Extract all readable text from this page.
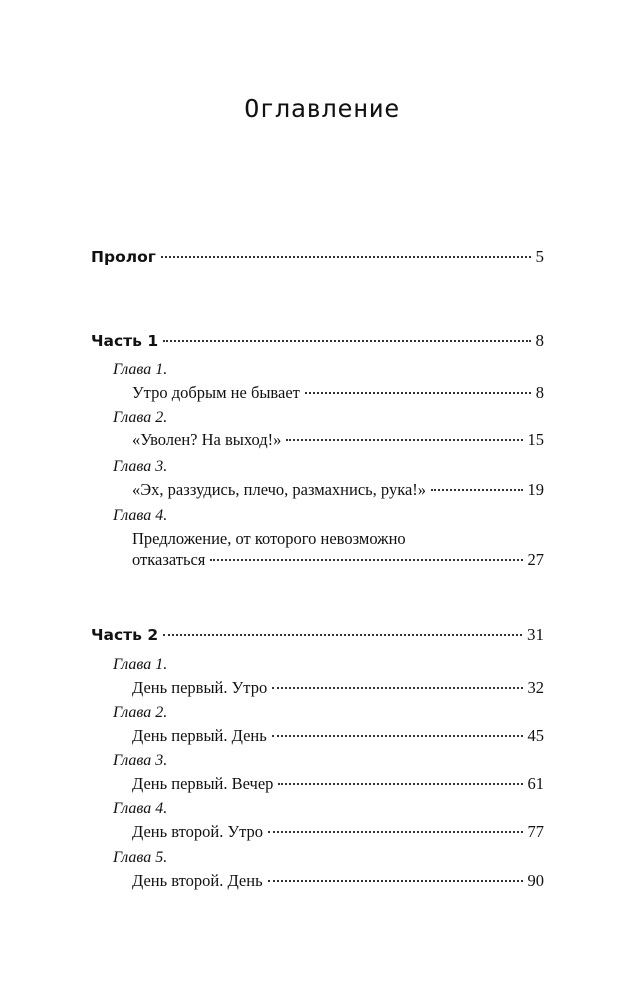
Оглавление
Пролог	5
Часть 1	8
Глава 1.
Утро добрым не бывает	8
Глава 2.
«Уволен? На выход!»	15
Глава 3.
«Эх, раззудись, плечо, размахнись, рука!»	19
Глава 4.
Предложение, от которого невозможно
отказаться	27
Часть 2	31
Глава 1.
День первый. Утро	32
Глава 2.
День первый. День	45
Глава 3.
День первый. Вечер	61
Глава 4.
День второй. Утро	77
Глава 5.
День второй. День	90
